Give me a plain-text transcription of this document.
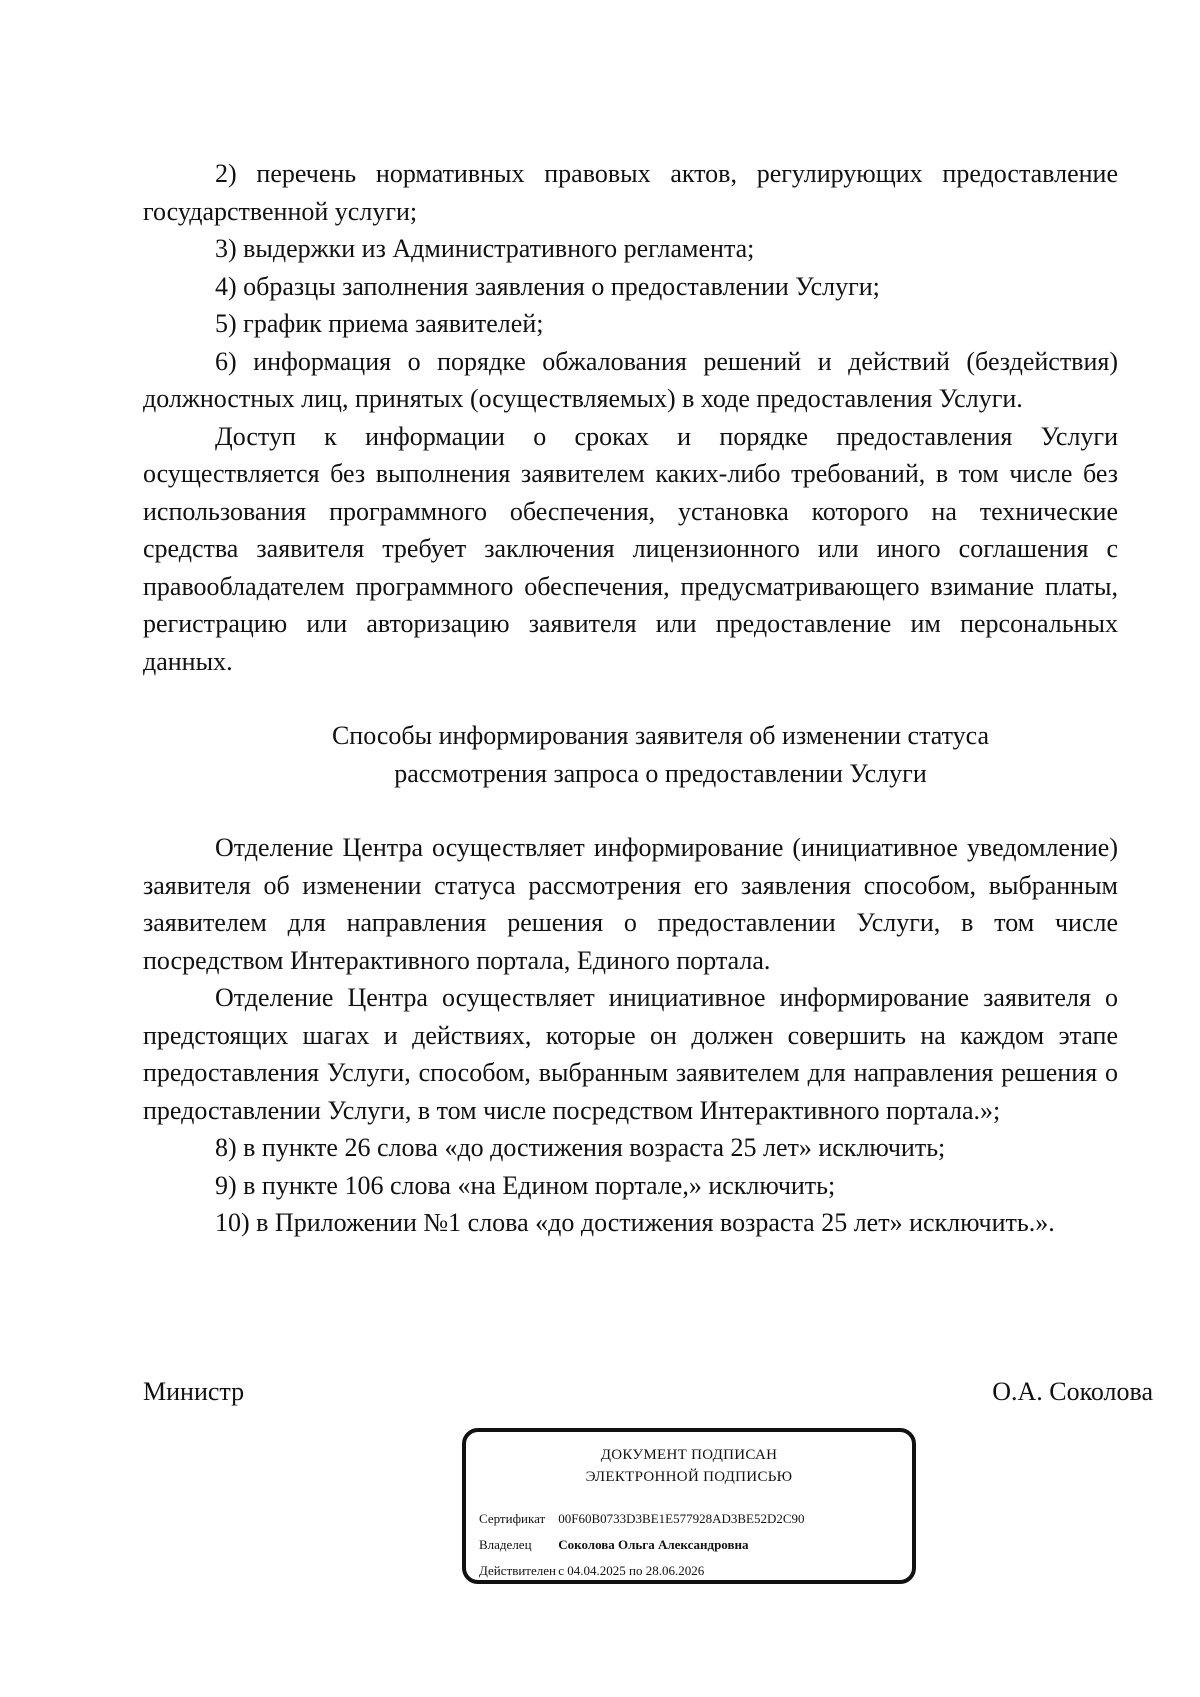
2) перечень нормативных правовых актов, регулирующих предоставление государственной услуги;

3) выдержки из Административного регламента;

4) образцы заполнения заявления о предоставлении Услуги;

5) график приема заявителей;

6) информация о порядке обжалования решений и действий (бездействия) должностных лиц, принятых (осуществляемых) в ходе предоставления Услуги.

Доступ к информации о сроках и порядке предоставления Услуги осуществляется без выполнения заявителем каких-либо требований, в том числе без использования программного обеспечения, установка которого на технические средства заявителя требует заключения лицензионного или иного соглашения с правообладателем программного обеспечения, предусматривающего взимание платы, регистрацию или авторизацию заявителя или предоставление им персональных данных.

Способы информирования заявителя об изменении статуса
рассмотрения запроса о предоставлении Услуги

Отделение Центра осуществляет информирование (инициативное уведомление) заявителя об изменении статуса рассмотрения его заявления способом, выбранным заявителем для направления решения о предоставлении Услуги, в том числе посредством Интерактивного портала, Единого портала.

Отделение Центра осуществляет инициативное информирование заявителя о предстоящих шагах и действиях, которые он должен совершить на каждом этапе предоставления Услуги, способом, выбранным заявителем для направления решения о предоставлении Услуги, в том числе посредством Интерактивного портала.»;

8) в пункте 26 слова «до достижения возраста 25 лет» исключить;

9) в пункте 106 слова «на Едином портале,» исключить;

10) в Приложении №1 слова «до достижения возраста 25 лет» исключить.».

Министр	О.А. Соколова
ДОКУМЕНТ ПОДПИСАН
ЭЛЕКТРОННОЙ ПОДПИСЬЮ
Сертификат 00F60B0733D3BE1E577928AD3BE52D2C90
Владелец Соколова Ольга Александровна
Действителен с 04.04.2025 по 28.06.2026
